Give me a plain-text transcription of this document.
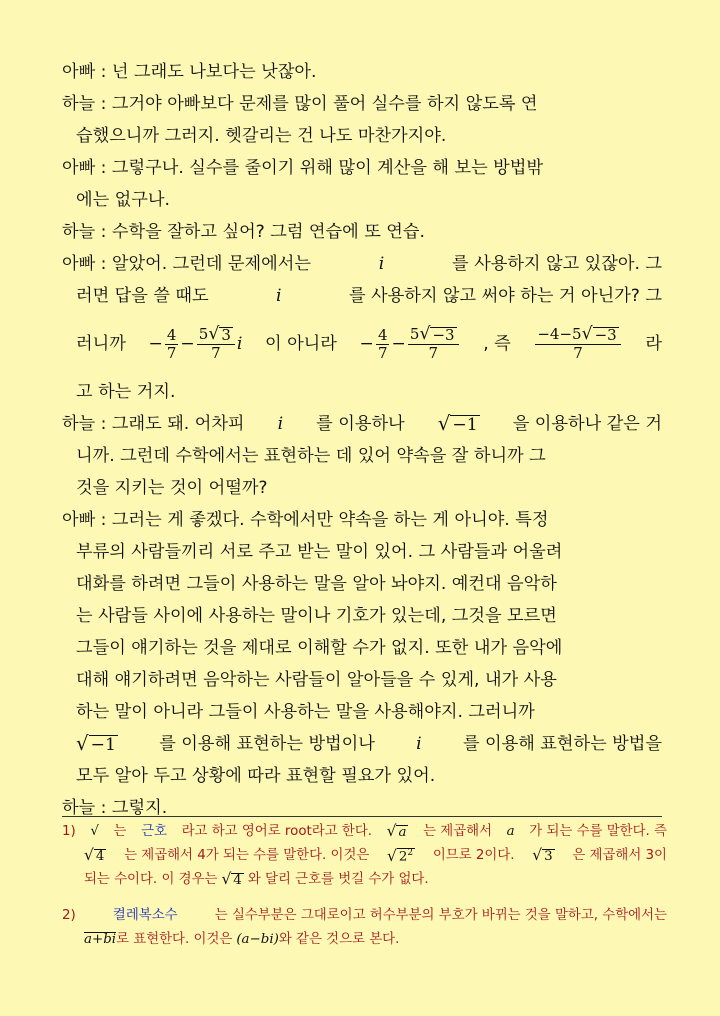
아빠 : 넌 그래도 나보다는 낫잖아.
하늘 : 그거야 아빠보다 문제를 많이 풀어 실수를 하지 않도록 연
습했으니까 그러지. 헷갈리는 건 나도 마찬가지야.
아빠 : 그렇구나. 실수를 줄이기 위해 많이 계산을 해 보는 방법밖
에는 없구나.
하늘 : 수학을 잘하고 싶어? 그럼 연습에 또 연습.
아빠 : 알았어. 그런데 문제에서는	i	를 사용하지 않고 있잖아. 그
러면 답을 쓸 때도	i	를 사용하지 않고 써야 하는 거 아닌가? 그
러니까 − $\frac{4}{7} - \frac{5 √ 3}{7}$ i 이 아니라 − $\frac{4}{7} - \frac{5 √ -3}{7}$ , 즉 $\frac{-4-5 √ -3}{7}$ 라
고 하는 거지.
하늘 : 그래도 돼. 어차피 i 를 이용하나 √ −1 을 이용하나 같은 거
니까. 그런데 수학에서는 표현하는 데 있어 약속을 잘 하니까 그
것을 지키는 것이 어떨까?
아빠 : 그러는 게 좋겠다. 수학에서만 약속을 하는 게 아니야. 특정
부류의 사람들끼리 서로 주고 받는 말이 있어. 그 사람들과 어울려
대화를 하려면 그들이 사용하는 말을 알아 놔야지. 예컨대 음악하
는 사람들 사이에 사용하는 말이나 기호가 있는데, 그것을 모르면
그들이 얘기하는 것을 제대로 이해할 수가 없지. 또한 내가 음악에
대해 얘기하려면 음악하는 사람들이 알아들을 수 있게, 내가 사용
하는 말이 아니라 그들이 사용하는 말을 사용해야지. 그러니까
√ −1	를 이용해 표현하는 방법이나 i 를 이용해 표현하는 방법을
모두 알아 두고 상황에 따라 표현할 필요가 있어.
하늘 : 그렇지.
1) √ 는 근호 라고 하고 영어로 root라고 한다. √ a 는 제곱해서 a 가 되는 수를 말한다. 즉
√ 4 는 제곱해서 4가 되는 수를 말한다. 이것은 √ $2^2$ 이므로 2이다. √ 3 은 제곱해서 3이
되는 수이다. 이 경우는 √ 4 와 달리 근호를 벗길 수가 없다.
2)	켤레복소수	는 실수부분은 그대로이고 허수부분의 부호가 바뀌는 것을 말하고, 수학에서는
a+bi 로 표현한다. 이것은 (a−bi) 와 같은 것으로 본다.
